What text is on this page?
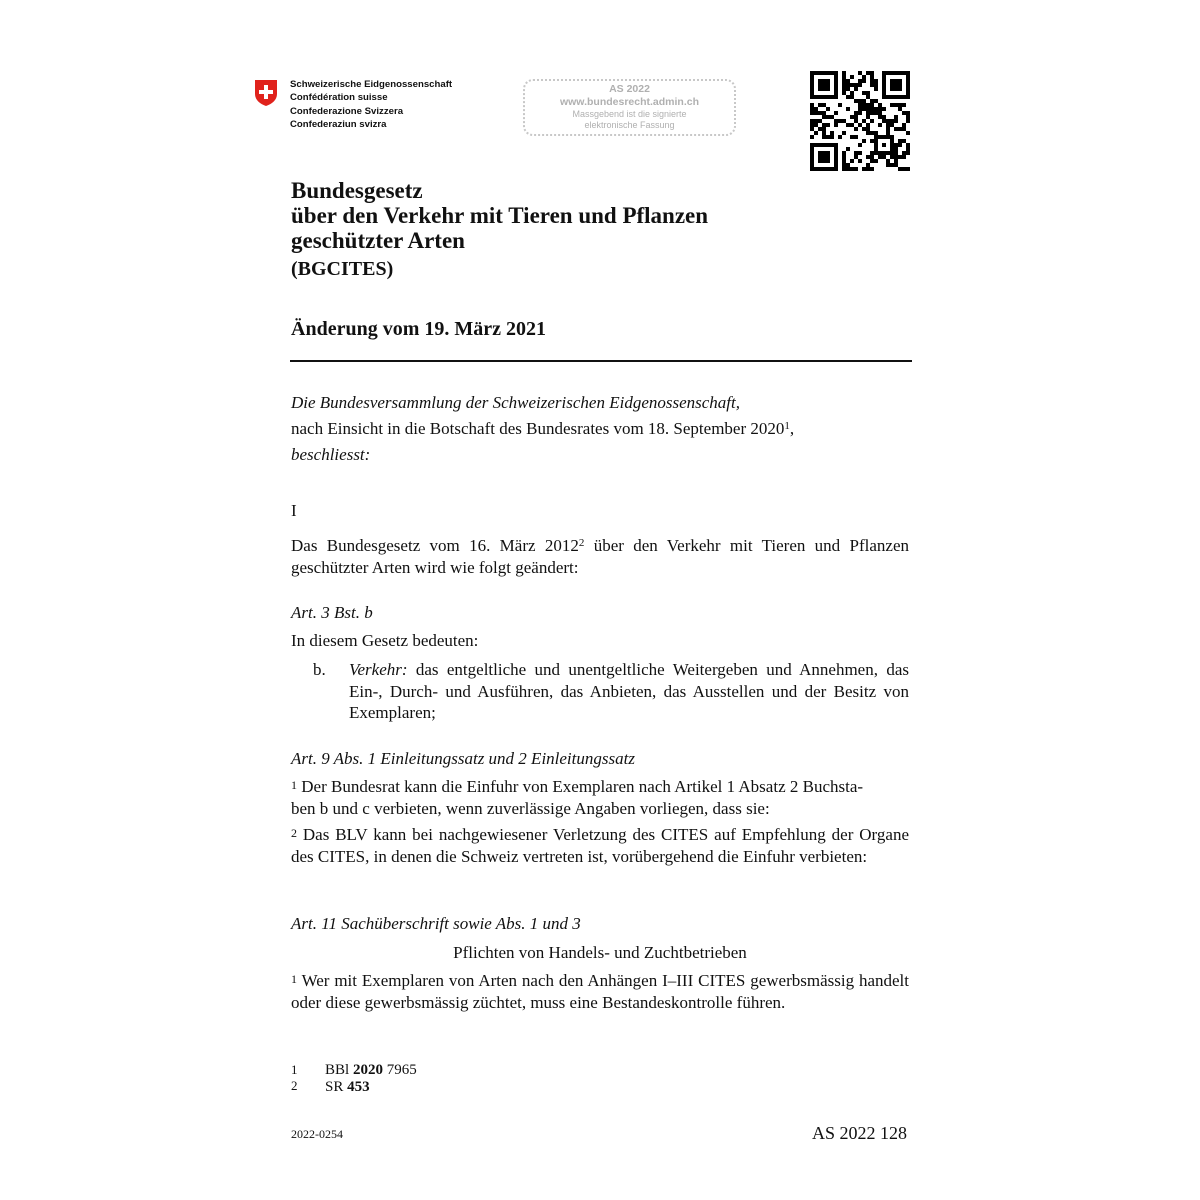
Schweizerische Eidgenossenschaft
Confédération suisse
Confederazione Svizzera
Confederaziun svizra
AS 2022
www.bundesrecht.admin.ch
Massgebend ist die signierte
elektronische Fassung
Bundesgesetz
über den Verkehr mit Tieren und Pflanzen
geschützter Arten
(BGCITES)
Änderung vom 19. März 2021
Die Bundesversammlung der Schweizerischen Eidgenossenschaft,
nach Einsicht in die Botschaft des Bundesrates vom 18. September 2020$^1$,
beschliesst:
I
Das Bundesgesetz vom 16. März 2012$^2$ über den Verkehr mit Tieren und Pflanzen geschützter Arten wird wie folgt geändert:
Art. 3 Bst. b
In diesem Gesetz bedeuten:
b. Verkehr: das entgeltliche und unentgeltliche Weitergeben und Annehmen, das Ein-, Durch- und Ausführen, das Anbieten, das Ausstellen und der Besitz von Exemplaren;
Art. 9 Abs. 1 Einleitungssatz und 2 Einleitungssatz
$^1$ Der Bundesrat kann die Einfuhr von Exemplaren nach Artikel 1 Absatz 2 Buchsta-
ben b und c verbieten, wenn zuverlässige Angaben vorliegen, dass sie:
$^2$ Das BLV kann bei nachgewiesener Verletzung des CITES auf Empfehlung der Organe des CITES, in denen die Schweiz vertreten ist, vorübergehend die Einfuhr verbieten:
Art. 11 Sachüberschrift sowie Abs. 1 und 3
Pflichten von Handels- und Zuchtbetrieben
$^1$ Wer mit Exemplaren von Arten nach den Anhängen I–III CITES gewerbsmässig handelt oder diese gewerbsmässig züchtet, muss eine Bestandeskontrolle führen.
1 BBl 2020 7965
2 SR 453
2022-0254	AS 2022 128
